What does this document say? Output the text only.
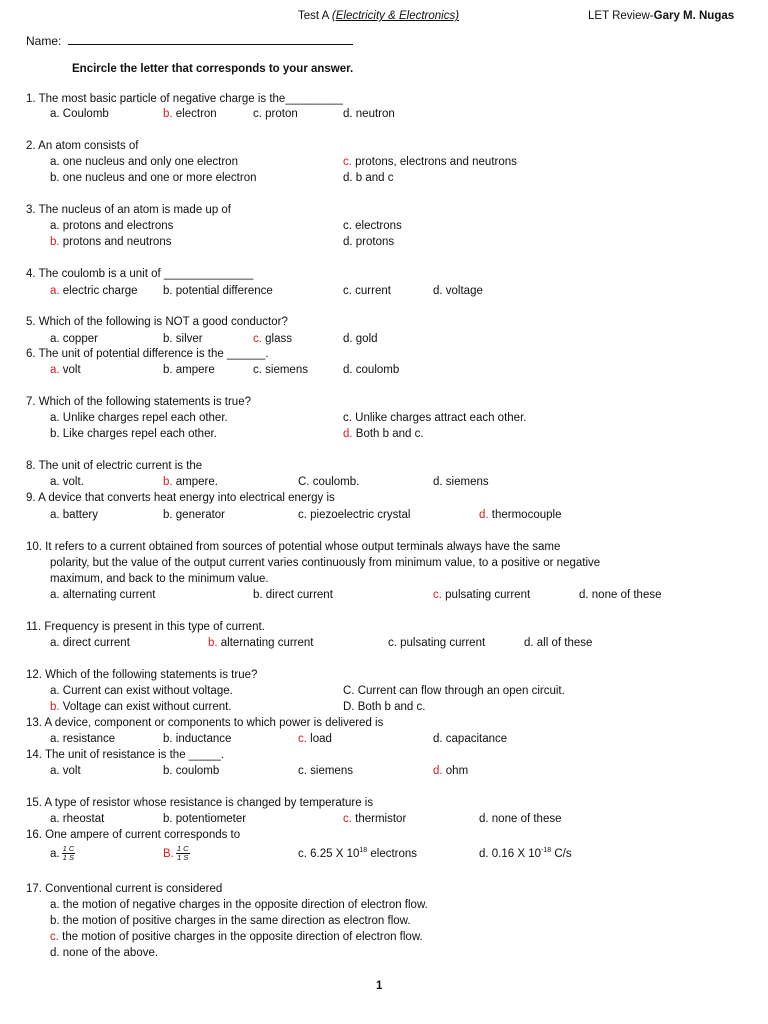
Test A (Electricity & Electronics)	LET Review-Gary M. Nugas
Name:
Encircle the letter that corresponds to your answer.
1. The most basic particle of negative charge is the_________
a. Coulomb	b. electron	c. proton	d. neutron
2. An atom consists of
a. one nucleus and only one electron	c. protons, electrons and neutrons
b. one nucleus and one or more electron	d. b and c
3. The nucleus of an atom is made up of
a. protons and electrons	c. electrons
b. protons and neutrons	d. protons
4. The coulomb is a unit of ______________
a. electric charge b. potential difference	c. current	d. voltage
5. Which of the following is NOT a good conductor?
a. copper	b. silver	c. glass	d. gold
6. The unit of potential difference is the ______.
a. volt	b. ampere	c. siemens	d. coulomb
7. Which of the following statements is true?
a. Unlike charges repel each other.	c. Unlike charges attract each other.
b. Like charges repel each other.	d. Both b and c.
8. The unit of electric current is the
a. volt.	b. ampere.	C. coulomb.	d. siemens
9. A device that converts heat energy into electrical energy is
a. battery	b. generator	c. piezoelectric crystal	d. thermocouple
10. It refers to a current obtained from sources of potential whose output terminals always have the same
polarity, but the value of the output current varies continuously from minimum value, to a positive or negative
maximum, and back to the minimum value.
a. alternating current	b. direct current	c. pulsating current	d. none of these
11. Frequency is present in this type of current.
a. direct current	b. alternating current	c. pulsating current	d. all of these
12. Which of the following statements is true?
a. Current can exist without voltage.	C. Current can flow through an open circuit.
b. Voltage can exist without current.	D. Both b and c.
13. A device, component or components to which power is delivered is
a. resistance	b. inductance	c. load	d. capacitance
14. The unit of resistance is the _____.
a. volt	b. coulomb	c. siemens	d. ohm
15. A type of resistor whose resistance is changed by temperature is
a. rheostat	b. potentiometer	c. thermistor	d. none of these
16. One ampere of current corresponds to
a. $\frac{1 C}{1 S}$	B. $\frac{1 C}{1 S}$	c. 6.25 X $10^{18}$ electrons	d. 0.16 X $10^{-18}$ C/s
17. Conventional current is considered
a. the motion of negative charges in the opposite direction of electron flow.
b. the motion of positive charges in the same direction as electron flow.
c. the motion of positive charges in the opposite direction of electron flow.
d. none of the above.
1
